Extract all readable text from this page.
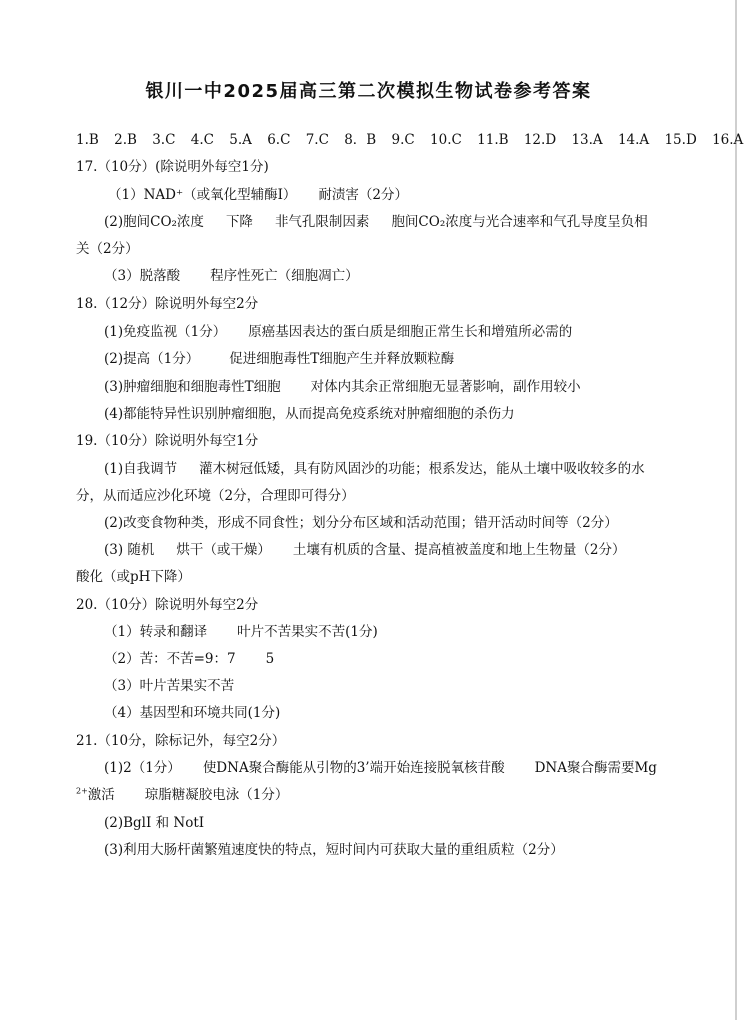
银川一中2025届高三第二次模拟生物试卷参考答案
1.B 2.B 3.C 4.C 5.A 6.C 7.C 8．B 9.C 10.C 11.B 12.D 13.A 14.A 15.D 16.A
17.（10分）(除说明外每空1分)
（1）NAD⁺（或氧化型辅酶Ⅰ） 耐渍害（2分）
(2)胞间CO₂浓度 下降 非气孔限制因素 胞间CO₂浓度与光合速率和气孔导度呈负相
关（2分）
（3）脱落酸 程序性死亡（细胞凋亡）
18.（12分）除说明外每空2分
(1)免疫监视（1分） 原癌基因表达的蛋白质是细胞正常生长和增殖所必需的
(2)提高（1分） 促进细胞毒性T细胞产生并释放颗粒酶
(3)肿瘤细胞和细胞毒性T细胞 对体内其余正常细胞无显著影响，副作用较小
(4)都能特异性识别肿瘤细胞，从而提高免疫系统对肿瘤细胞的杀伤力
19.（10分）除说明外每空1分
(1)自我调节 灌木树冠低矮，具有防风固沙的功能；根系发达，能从土壤中吸收较多的水
分，从而适应沙化环境（2分，合理即可得分）
(2)改变食物种类，形成不同食性；划分分布区域和活动范围；错开活动时间等（2分）
(3) 随机 烘干（或干燥） 土壤有机质的含量、提高植被盖度和地上生物量（2分）
酸化（或pH下降）
20.（10分）除说明外每空2分
（1）转录和翻译 叶片不苦果实不苦(1分)
（2）苦：不苦=9：7 5
（3）叶片苦果实不苦
（4）基因型和环境共同(1分)
21.（10分，除标记外，每空2分）
(1)2（1分） 使DNA聚合酶能从引物的3’端开始连接脱氧核苷酸 DNA聚合酶需要Mg
$^{2+}$激活 琼脂糖凝胶电泳（1分）
(2)BglI 和 NotI
(3)利用大肠杆菌繁殖速度快的特点，短时间内可获取大量的重组质粒（2分）
